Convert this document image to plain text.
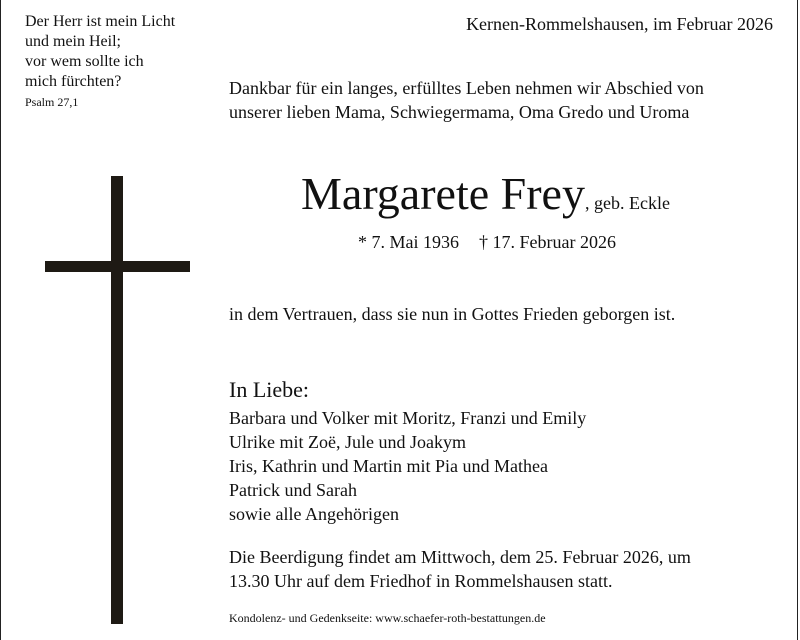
Der Herr ist mein Licht
und mein Heil;
vor wem sollte ich
mich fürchten?
Psalm 27,1
Kernen-Rommelshausen, im Februar 2026
Dankbar für ein langes, erfülltes Leben nehmen wir Abschied von
unserer lieben Mama, Schwiegermama, Oma Gredo und Uroma
Margarete Frey, geb. Eckle
* 7. Mai 1936 † 17. Februar 2026
in dem Vertrauen, dass sie nun in Gottes Frieden geborgen ist.
In Liebe:
Barbara und Volker mit Moritz, Franzi und Emily
Ulrike mit Zoë, Jule und Joakym
Iris, Kathrin und Martin mit Pia und Mathea
Patrick und Sarah
sowie alle Angehörigen
Die Beerdigung findet am Mittwoch, dem 25. Februar 2026, um
13.30 Uhr auf dem Friedhof in Rommelshausen statt.
Kondolenz- und Gedenkseite: www.schaefer-roth-bestattungen.de
